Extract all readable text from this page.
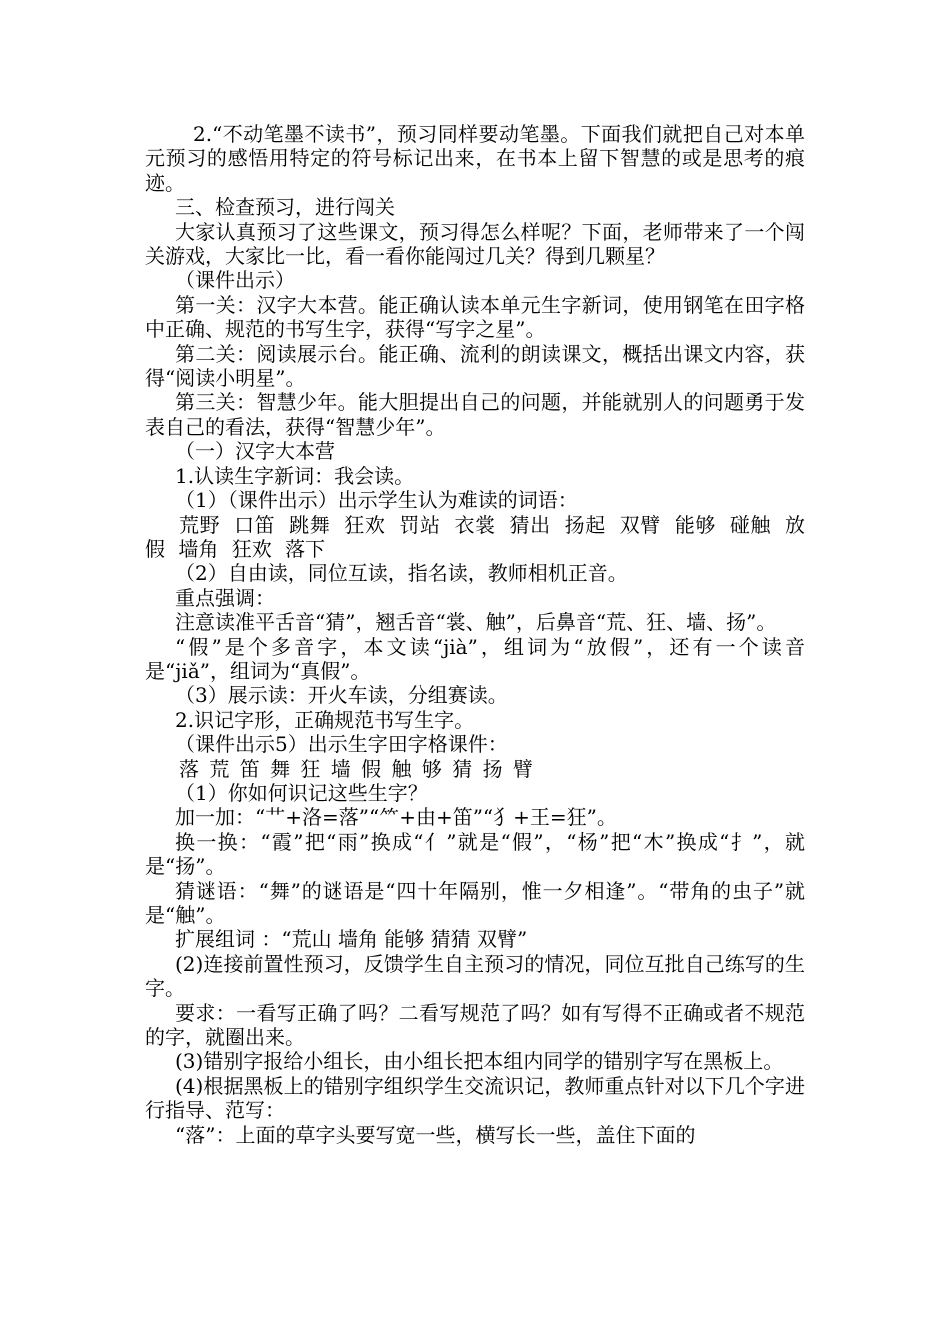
2.“不动笔墨不读书”，预习同样要动笔墨。下面我们就把自己对本单元预习的感悟用特定的符号标记出来，在书本上留下智慧的或是思考的痕迹。

三、检查预习，进行闯关

大家认真预习了这些课文，预习得怎么样呢？下面，老师带来了一个闯关游戏，大家比一比，看一看你能闯过几关？得到几颗星？

（课件出示）

第一关：汉字大本营。能正确认读本单元生字新词，使用钢笔在田字格中正确、规范的书写生字，获得“写字之星”。

第二关：阅读展示台。能正确、流利的朗读课文，概括出课文内容，获得“阅读小明星”。

第三关：智慧少年。能大胆提出自己的问题，并能就别人的问题勇于发表自己的看法，获得“智慧少年”。

（一）汉字大本营

1.认读生字新词：我会读。

（1）（课件出示）出示学生认为难读的词语：

荒野 口笛 跳舞 狂欢 罚站 衣裳 猜出 扬起 双臂 能够 碰触 放假 墙角 狂欢 落下

（2）自由读，同位互读，指名读，教师相机正音。

重点强调：

注意读准平舌音“猜”，翘舌音“裳、触”，后鼻音“荒、狂、墙、扬”。

“假”是个多音字，本文读“jià”，组词为“放假”，还有一个读音是“jiǎ”，组词为“真假”。

（3）展示读：开火车读，分组赛读。

2.识记字形，正确规范书写生字。

（课件出示5）出示生字田字格课件：

落 荒 笛 舞 狂 墙 假 触 够 猜 扬 臂

（1）你如何识记这些生字？

加一加：“艹+洛=落”“⺮+由+笛”“犭+王=狂”。

换一换：“霞”把“雨”换成“亻”就是“假”，“杨”把“木”换成“扌”，就是“扬”。

猜谜语：“舞”的谜语是“四十年隔别，惟一夕相逢”。“带角的虫子”就是“触”。

扩展组词 ：“荒山 墙角 能够 猜猜 双臂”

(2)连接前置性预习，反馈学生自主预习的情况，同位互批自己练写的生字。

要求：一看写正确了吗？二看写规范了吗？如有写得不正确或者不规范的字，就圈出来。

(3)错别字报给小组长，由小组长把本组内同学的错别字写在黑板上。

(4)根据黑板上的错别字组织学生交流识记，教师重点针对以下几个字进行指导、范写：

“落”：上面的草字头要写宽一些，横写长一些，盖住下面的
